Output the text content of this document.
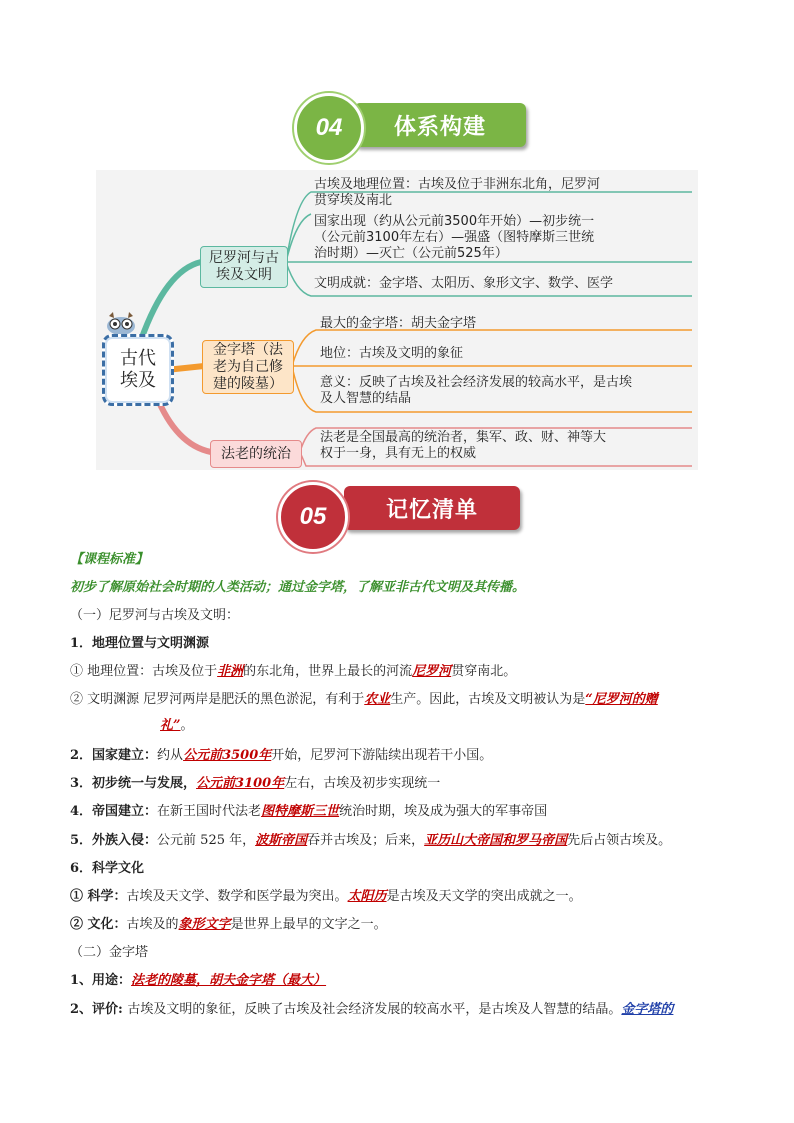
体系构建
04
古代
埃及
尼罗河与古
埃及文明
古埃及地理位置：古埃及位于非洲东北角，尼罗河
贯穿埃及南北
国家出现（约从公元前3500年开始）—初步统一
（公元前3100年左右）—强盛（图特摩斯三世统
治时期）—灭亡（公元前525年）
文明成就：金字塔、太阳历、象形文字、数学、医学
金字塔（法
老为自己修
建的陵墓）
最大的金字塔：胡夫金字塔
地位：古埃及文明的象征
意义：反映了古埃及社会经济发展的较高水平，是古埃
及人智慧的结晶
法老的统治
法老是全国最高的统治者，集军、政、财、神等大
权于一身，具有无上的权威
记忆清单
05
【课程标准】
初步了解原始社会时期的人类活动；通过金字塔，了解亚非古代文明及其传播。
（一）尼罗河与古埃及文明：
1．地理位置与文明渊源
① 地理位置：古埃及位于非洲的东北角，世界上最长的河流尼罗河贯穿南北。
② 文明渊源 尼罗河两岸是肥沃的黑色淤泥，有利于农业生产。因此，古埃及文明被认为是“尼罗河的赠
礼”。
2．国家建立：约从公元前3500年开始，尼罗河下游陆续出现若干小国。
3．初步统一与发展，公元前3100年左右，古埃及初步实现统一
4．帝国建立：在新王国时代法老图特摩斯三世统治时期，埃及成为强大的军事帝国
5．外族入侵：公元前 525 年，波斯帝国吞并古埃及；后来，亚历山大帝国和罗马帝国先后占领古埃及。
6．科学文化
① 科学：古埃及天文学、数学和医学最为突出。太阳历是古埃及天文学的突出成就之一。
② 文化：古埃及的象形文字是世界上最早的文字之一。
（二）金字塔
1、用途：法老的陵墓，胡夫金字塔（最大）
2、评价: 古埃及文明的象征，反映了古埃及社会经济发展的较高水平，是古埃及人智慧的结晶。金字塔的
